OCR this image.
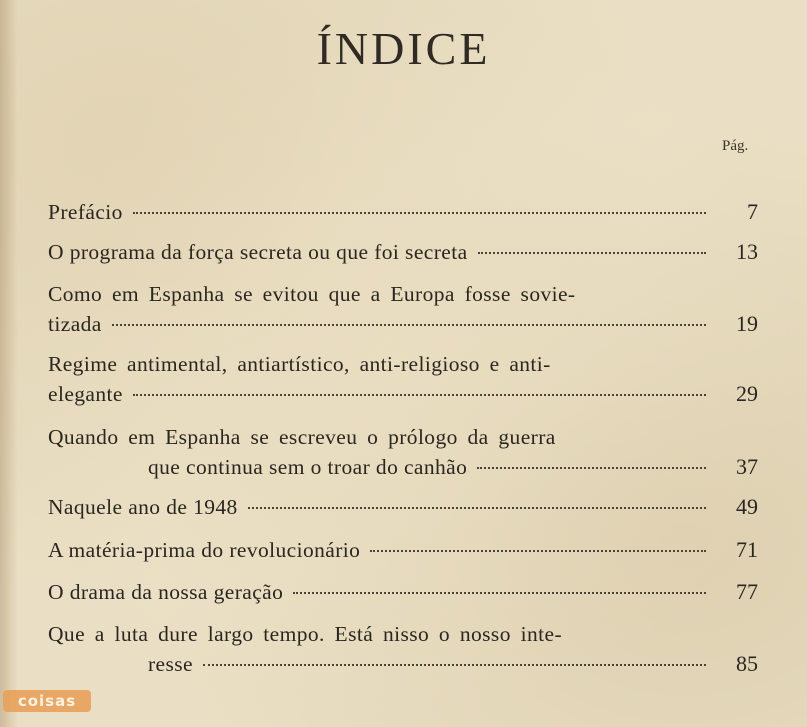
ÍNDICE
Pág.
Prefácio	7
O programa da força secreta ou que foi secreta	13
Como em Espanha se evitou que a Europa fosse sovie-
tizada	19
Regime antimental, antiartístico, anti-religioso e anti-
elegante	29
Quando em Espanha se escreveu o prólogo da guerra
que continua sem o troar do canhão	37
Naquele ano de 1948	49
A matéria-prima do revolucionário	71
O drama da nossa geração	77
Que a luta dure largo tempo. Está nisso o nosso inte-
resse	85
coisas
